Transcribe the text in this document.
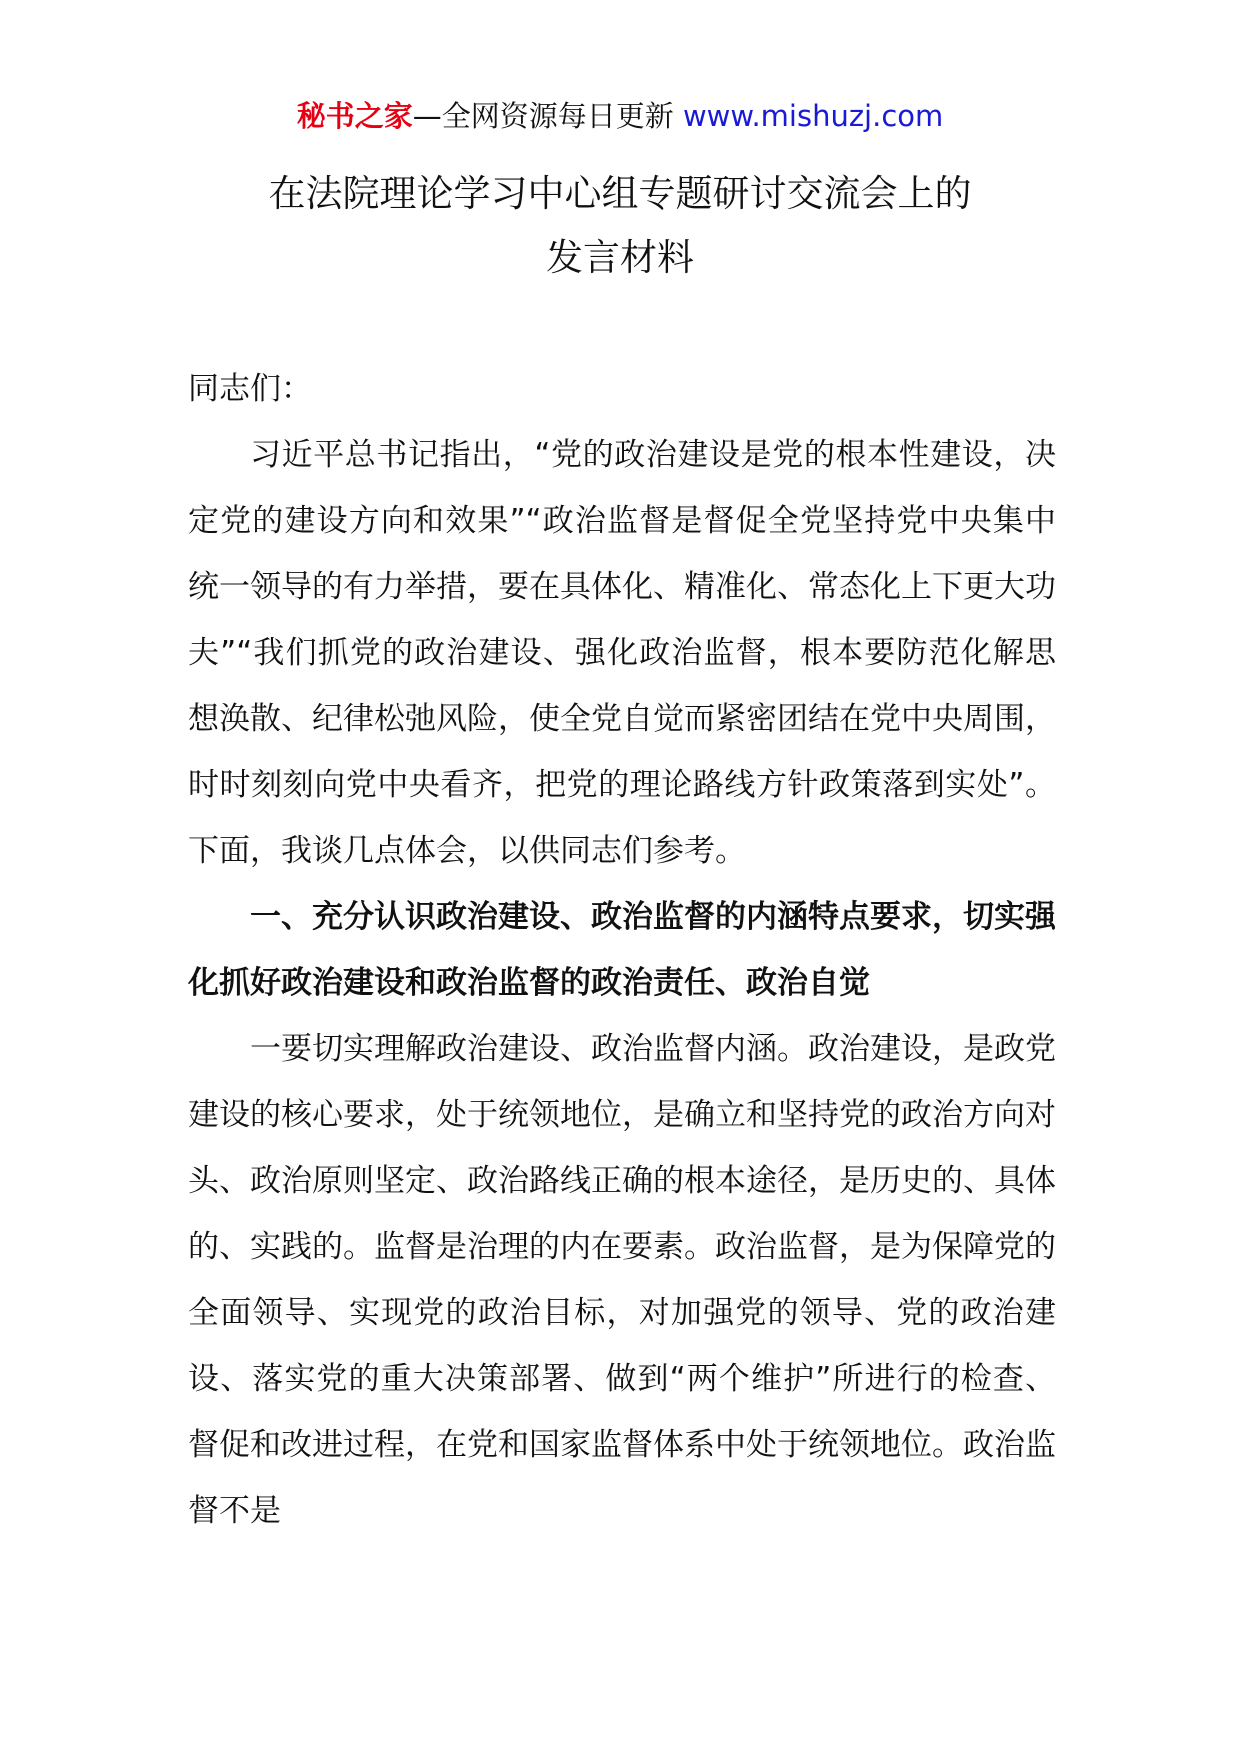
秘书之家—全网资源每日更新 www.mishuzj.com
在法院理论学习中心组专题研讨交流会上的
发言材料

同志们：

习近平总书记指出，“党的政治建设是党的根本性建设，决定党的建设方向和效果”“政治监督是督促全党坚持党中央集中统一领导的有力举措，要在具体化、精准化、常态化上下更大功夫”“我们抓党的政治建设、强化政治监督，根本要防范化解思想涣散、纪律松弛风险，使全党自觉而紧密团结在党中央周围，时时刻刻向党中央看齐，把党的理论路线方针政策落到实处”。下面，我谈几点体会，以供同志们参考。

一、充分认识政治建设、政治监督的内涵特点要求，切实强化抓好政治建设和政治监督的政治责任、政治自觉

一要切实理解政治建设、政治监督内涵。政治建设，是政党建设的核心要求，处于统领地位，是确立和坚持党的政治方向对头、政治原则坚定、政治路线正确的根本途径，是历史的、具体的、实践的。监督是治理的内在要素。政治监督，是为保障党的全面领导、实现党的政治目标，对加强党的领导、党的政治建设、落实党的重大决策部署、做到“两个维护”所进行的检查、督促和改进过程，在党和国家监督体系中处于统领地位。政治监督不是
